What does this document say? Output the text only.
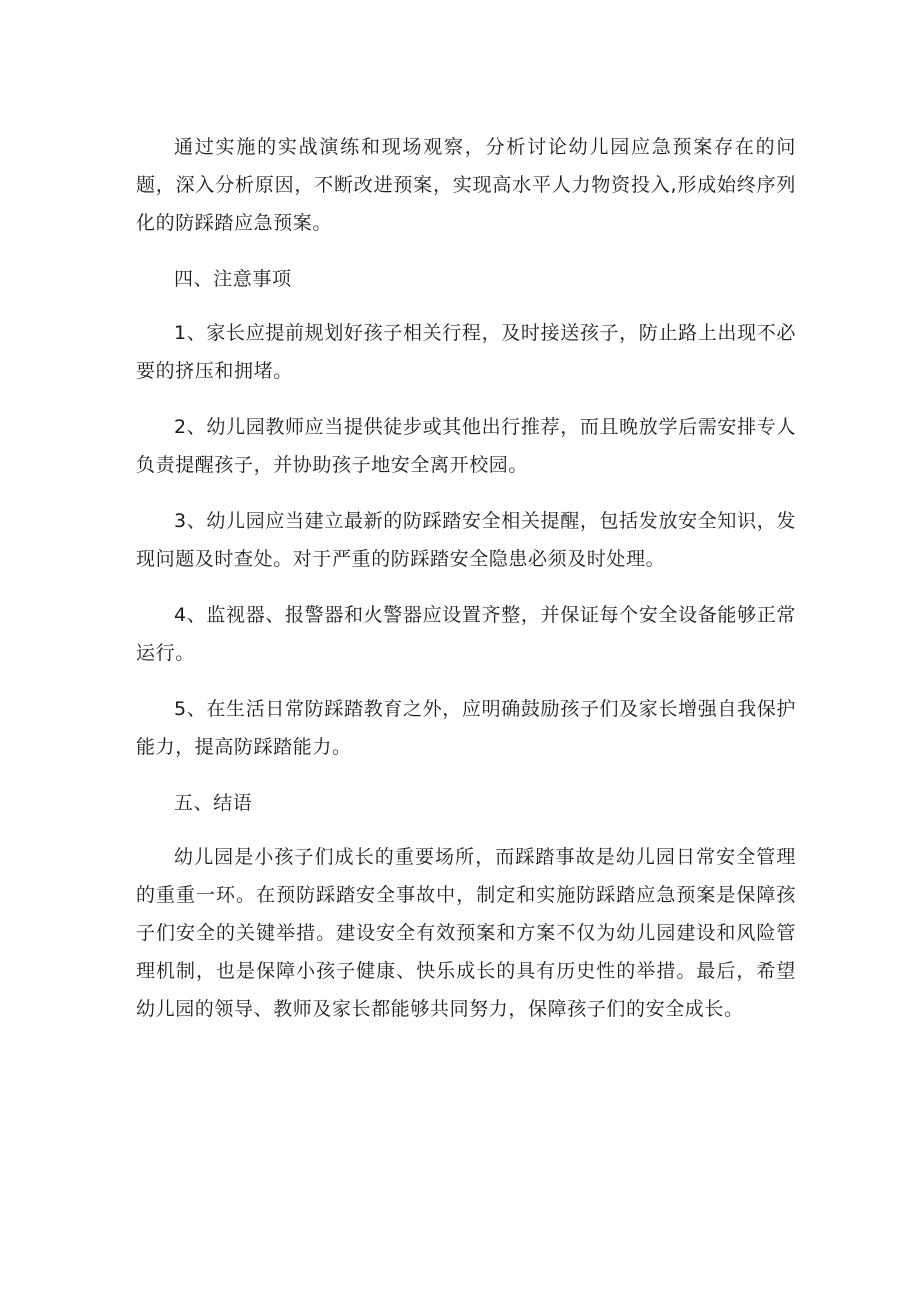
通过实施的实战演练和现场观察，分析讨论幼儿园应急预案存在的问题，深入分析原因，不断改进预案，实现高水平人力物资投入,形成始终序列化的防踩踏应急预案。

四、注意事项

1、家长应提前规划好孩子相关行程，及时接送孩子，防止路上出现不必要的挤压和拥堵。

2、幼儿园教师应当提供徒步或其他出行推荐，而且晚放学后需安排专人负责提醒孩子，并协助孩子地安全离开校园。

3、幼儿园应当建立最新的防踩踏安全相关提醒，包括发放安全知识，发现问题及时查处。对于严重的防踩踏安全隐患必须及时处理。

4、监视器、报警器和火警器应设置齐整，并保证每个安全设备能够正常运行。

5、在生活日常防踩踏教育之外，应明确鼓励孩子们及家长增强自我保护能力，提高防踩踏能力。

五、结语

幼儿园是小孩子们成长的重要场所，而踩踏事故是幼儿园日常安全管理的重重一环。在预防踩踏安全事故中，制定和实施防踩踏应急预案是保障孩子们安全的关键举措。建设安全有效预案和方案不仅为幼儿园建设和风险管理机制，也是保障小孩子健康、快乐成长的具有历史性的举措。最后，希望幼儿园的领导、教师及家长都能够共同努力，保障孩子们的安全成长。
